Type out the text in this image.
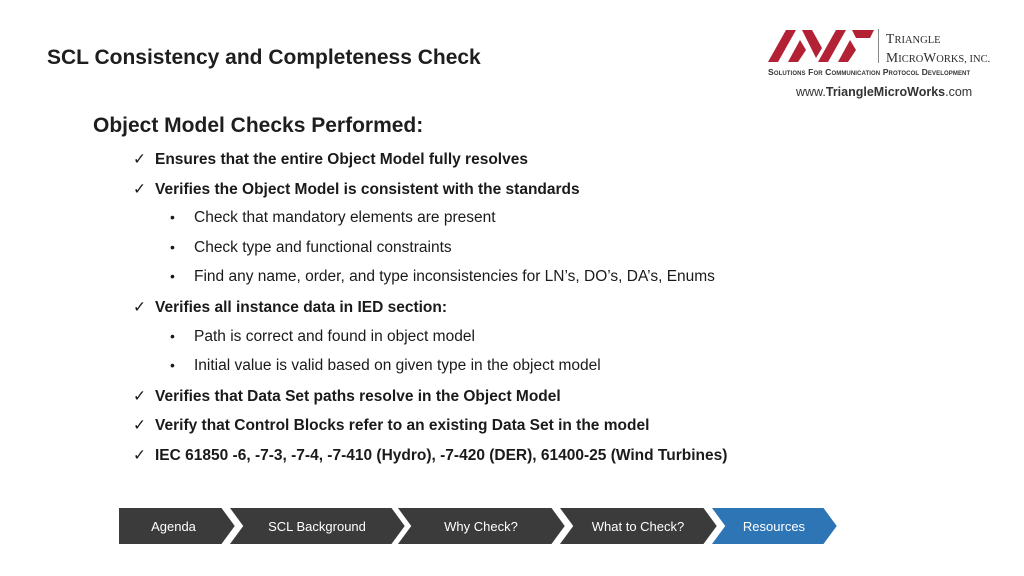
SCL Consistency and Completeness Check
TRIANGLE
MICROWORKS, INC.
Solutions For Communication Protocol Development
www.TriangleMicroWorks.com
Object Model Checks Performed:
✓ Ensures that the entire Object Model fully resolves
✓ Verifies the Object Model is consistent with the standards
• Check that mandatory elements are present
• Check type and functional constraints
• Find any name, order, and type inconsistencies for LN’s, DO’s, DA’s, Enums
✓ Verifies all instance data in IED section:
• Path is correct and found in object model
• Initial value is valid based on given type in the object model
✓ Verifies that Data Set paths resolve in the Object Model
✓ Verify that Control Blocks refer to an existing Data Set in the model
✓ IEC 61850 -6, -7-3, -7-4, -7-410 (Hydro), -7-420 (DER), 61400-25 (Wind Turbines)
Agenda	SCL Background	Why Check?	What to Check?	Resources
